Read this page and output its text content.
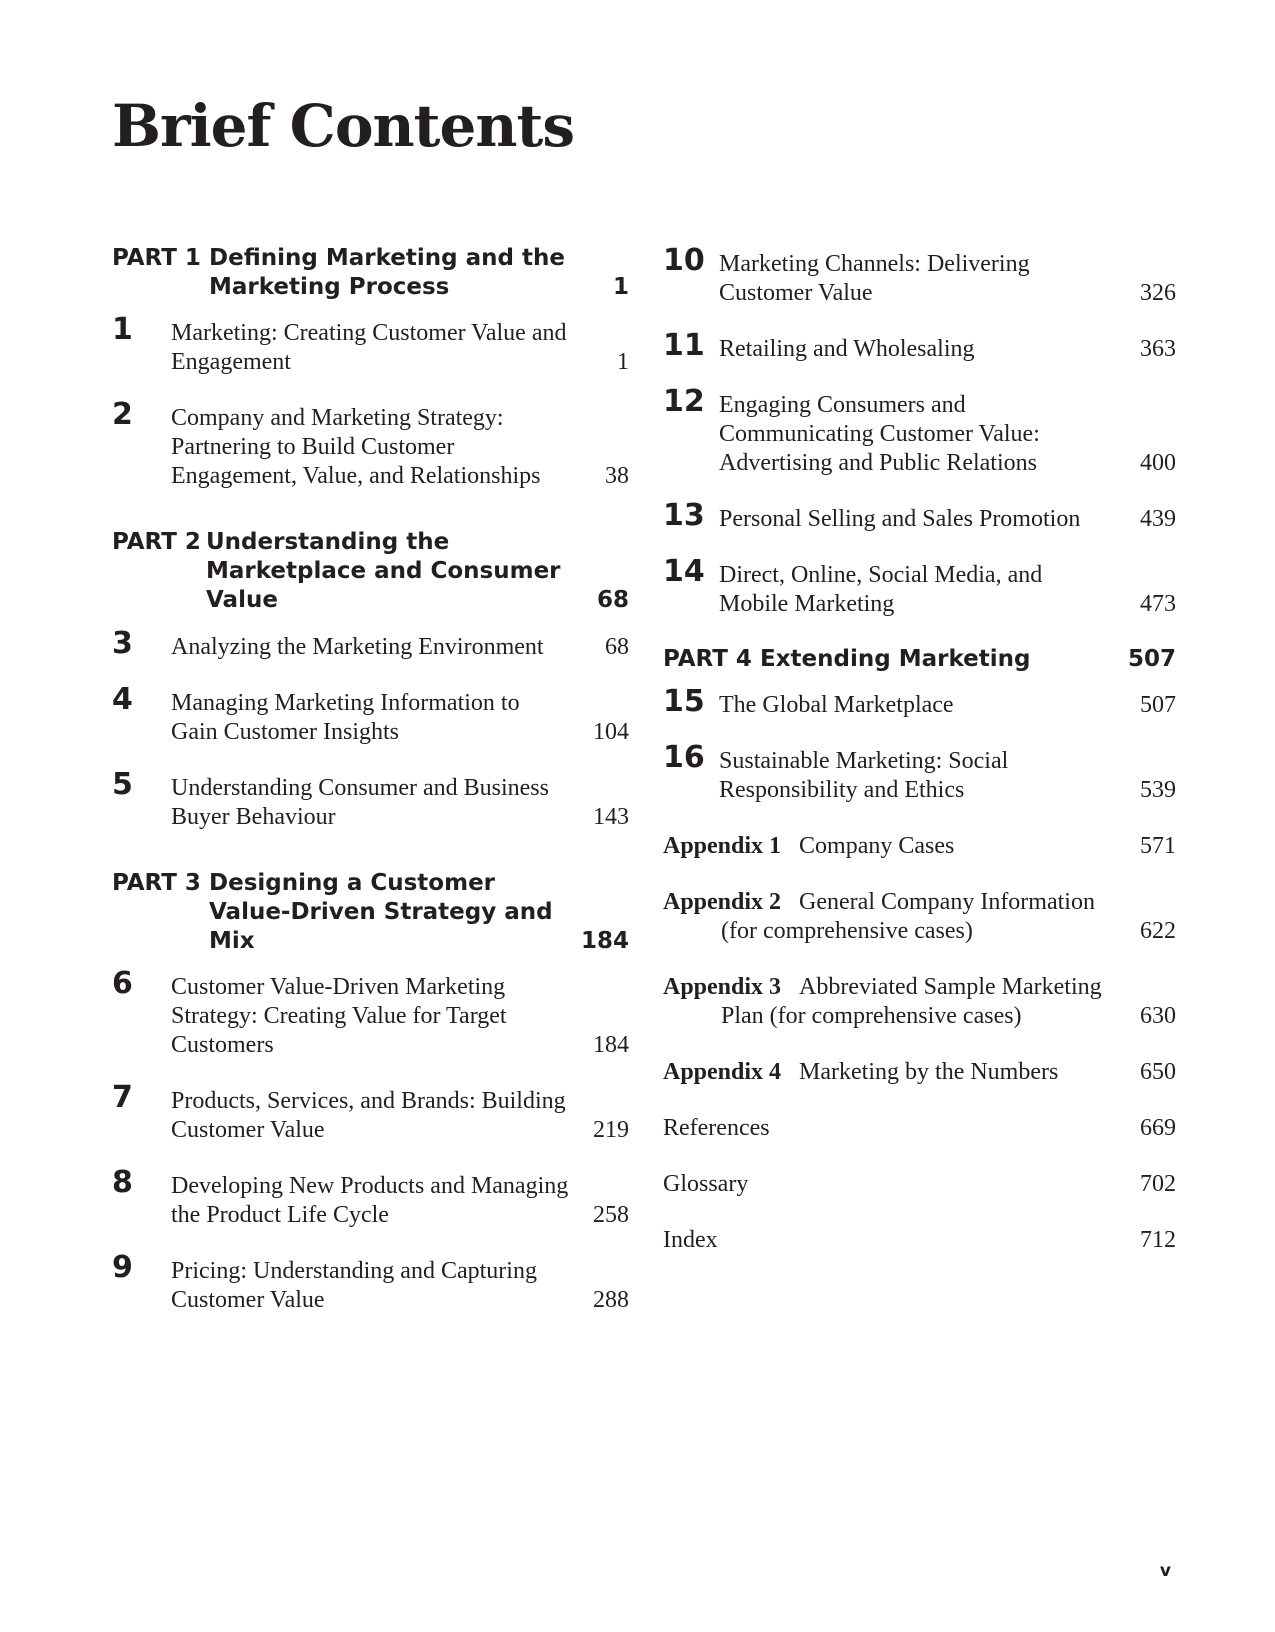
Brief Contents
PART 1 Defining Marketing and the Marketing Process	1
1	Marketing: Creating Customer Value and Engagement	1
2	Company and Marketing Strategy: Partnering to Build Customer Engagement, Value, and Relationships	38
PART 2 Understanding the Marketplace and Consumer Value	68
3	Analyzing the Marketing Environment	68
4	Managing Marketing Information to Gain Customer Insights	104
5	Understanding Consumer and Business Buyer Behaviour	143
PART 3 Designing a Customer Value-Driven Strategy and Mix	184
6	Customer Value-Driven Marketing Strategy: Creating Value for Target Customers	184
7	Products, Services, and Brands: Building Customer Value	219
8	Developing New Products and Managing the Product Life Cycle	258
9	Pricing: Understanding and Capturing Customer Value	288
10 Marketing Channels: Delivering Customer Value	326
11 Retailing and Wholesaling	363
12 Engaging Consumers and Communicating Customer Value: Advertising and Public Relations	400
13 Personal Selling and Sales Promotion	439
14 Direct, Online, Social Media, and Mobile Marketing	473
PART 4 Extending Marketing	507
15 The Global Marketplace	507
16 Sustainable Marketing: Social Responsibility and Ethics	539
Appendix 1 Company Cases	571
Appendix 2 General Company Information (for comprehensive cases)	622
Appendix 3 Abbreviated Sample Marketing Plan (for comprehensive cases)	630
Appendix 4 Marketing by the Numbers	650
References	669
Glossary	702
Index	712
v
